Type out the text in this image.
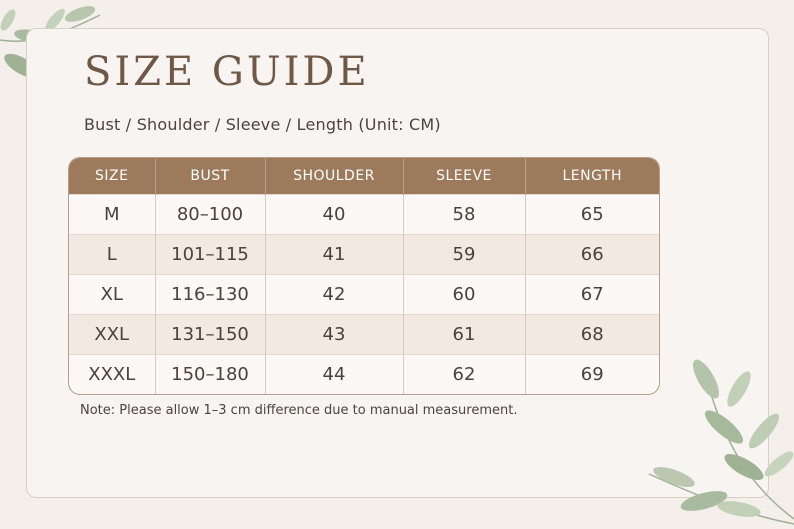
SIZE GUIDE
Bust / Shoulder / Sleeve / Length (Unit: CM)
SIZE	BUST	SHOULDER	SLEEVE	LENGTH
M	80–100	40	58	65
L	101–115	41	59	66
XL	116–130	42	60	67
XXL	131–150	43	61	68
XXXL	150–180	44	62	69
Note: Please allow 1–3 cm difference due to manual measurement.
